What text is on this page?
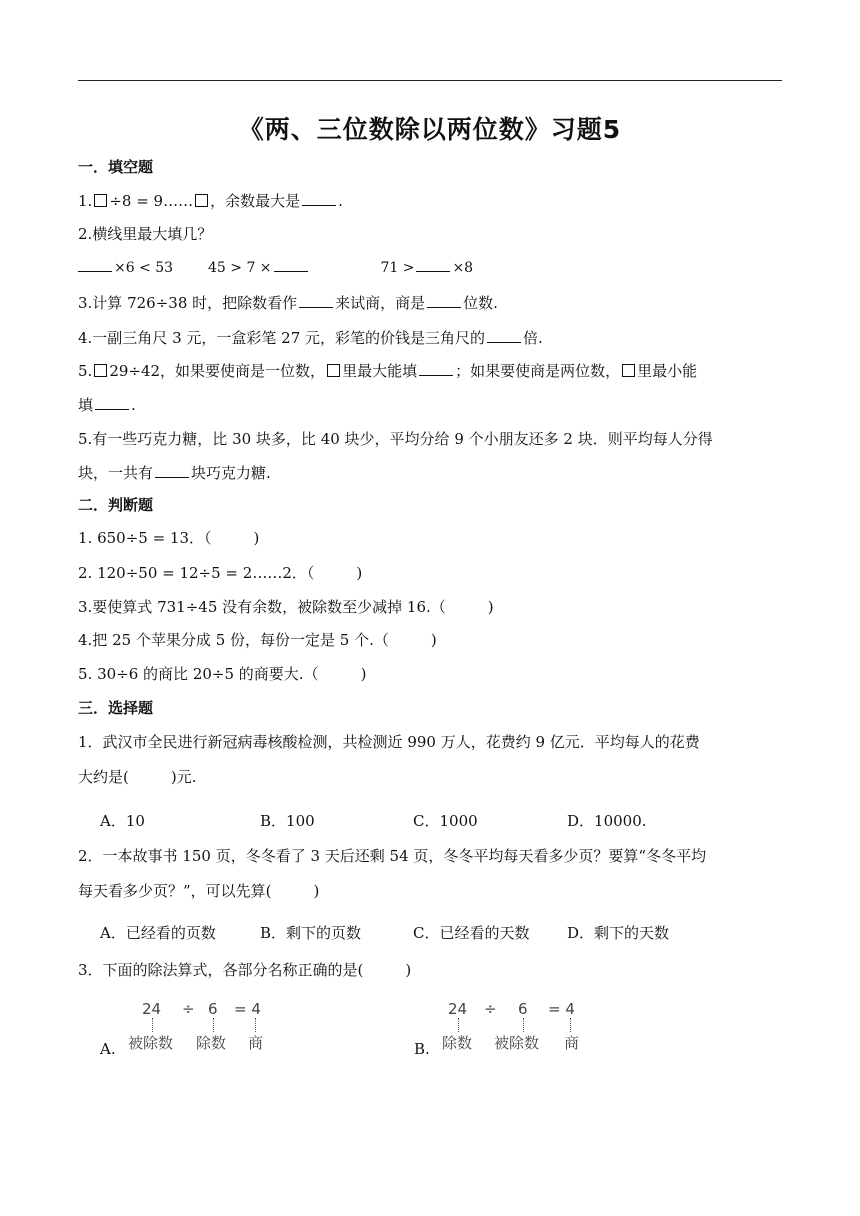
《两、三位数除以两位数》习题5
一．填空题
1. ÷8 = 9…… ，余数最大是	.
2.横线里最大填几？
×6 < 53 45 > 7 ×	71 >	×8
3.计算 726÷38 时，把除数看作	来试商，商是	位数.
4.一副三角尺 3 元，一盒彩笔 27 元，彩笔的价钱是三角尺的	倍.
5. 29÷42，如果要使商是一位数， 里最大能填	；如果要使商是两位数， 里最小能
填	.
5.有一些巧克力糖，比 30 块多，比 40 块少，平均分给 9 个小朋友还多 2 块．则平均每人分得
块，一共有	块巧克力糖.
二．判断题
1. 650÷5 = 13．（	)
2. 120÷50 = 12÷5 = 2……2．（	)
3.要使算式 731÷45 没有余数，被除数至少减掉 16.（	)
4.把 25 个苹果分成 5 份，每份一定是 5 个.（	)
5. 30÷6 的商比 20÷5 的商要大.（	)
三．选择题
1．武汉市全民进行新冠病毒核酸检测，共检测近 990 万人，花费约 9 亿元．平均每人的花费
大约是(	)元.
A．10	B．100	C．1000	D．10000.
2．一本故事书 150 页，冬冬看了 3 天后还剩 54 页，冬冬平均每天看多少页？要算“冬冬平均
每天看多少页？”，可以先算(	)
A．已经看的页数	B．剩下的页数	C．已经看的天数	D．剩下的天数
3．下面的除法算式，各部分名称正确的是(	)
A.
24 ÷ 6 = 4
被除数 除数 商	B.
24 ÷ 6 = 4
除数 被除数 商
